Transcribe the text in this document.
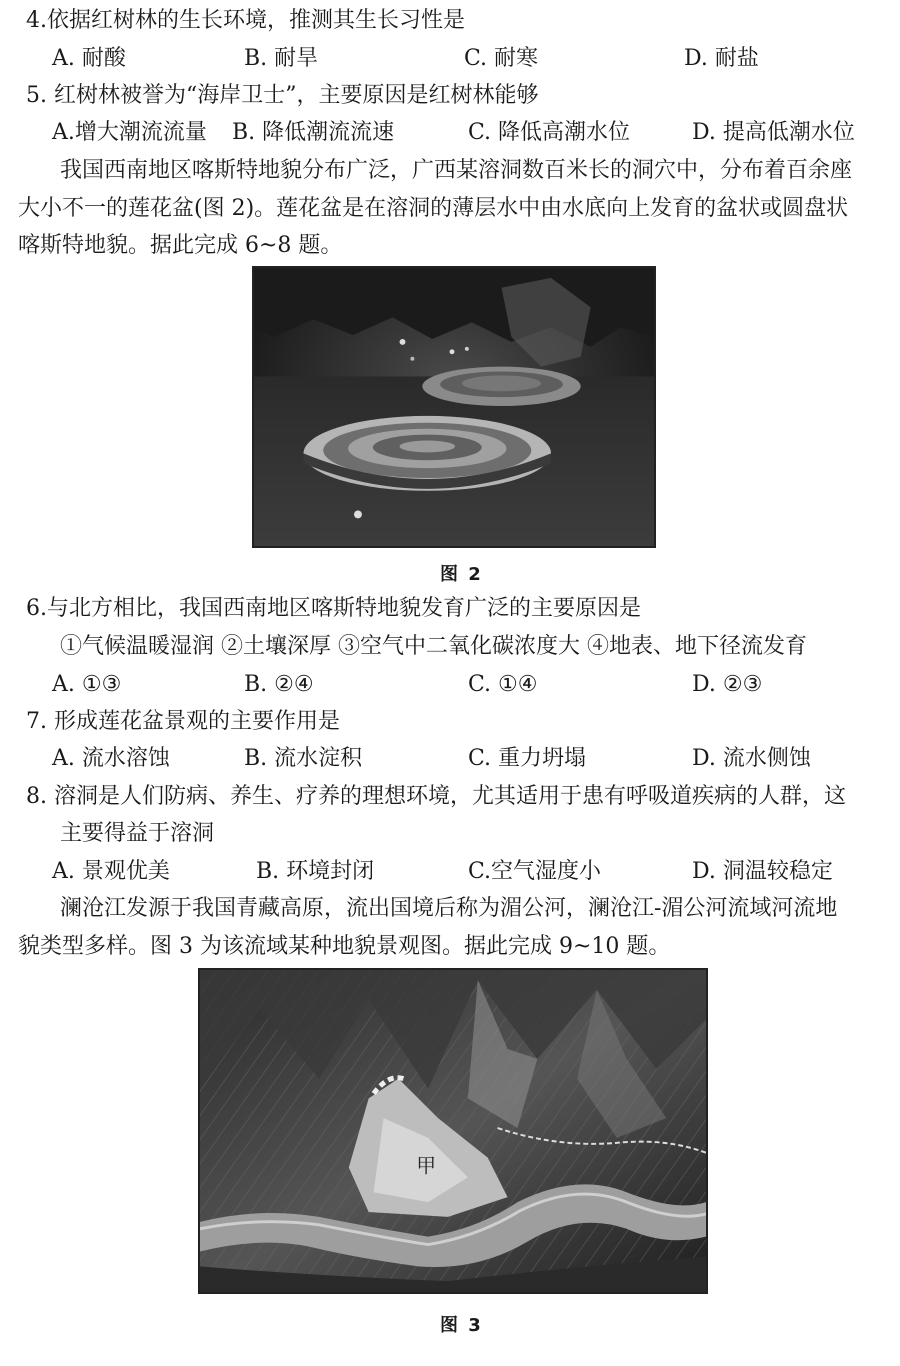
4.依据红树林的生长环境，推测其生长习性是
A. 耐酸	B. 耐旱	C. 耐寒	D. 耐盐
5. 红树林被誉为“海岸卫士”，主要原因是红树林能够
A.增大潮流流量 B. 降低潮流流速	C. 降低高潮水位	D. 提高低潮水位
我国西南地区喀斯特地貌分布广泛，广西某溶洞数百米长的洞穴中，分布着百余座
大小不一的莲花盆(图 2)。莲花盆是在溶洞的薄层水中由水底向上发育的盆状或圆盘状
喀斯特地貌。据此完成 6~8 题。
图 2
6.与北方相比，我国西南地区喀斯特地貌发育广泛的主要原因是
①气候温暖湿润 ②土壤深厚 ③空气中二氧化碳浓度大 ④地表、地下径流发育
A. ①③	B. ②④	C. ①④	D. ②③
7. 形成莲花盆景观的主要作用是
A. 流水溶蚀	B. 流水淀积	C. 重力坍塌	D. 流水侧蚀
8. 溶洞是人们防病、养生、疗养的理想环境，尤其适用于患有呼吸道疾病的人群，这
主要得益于溶洞
A. 景观优美	B. 环境封闭	C.空气湿度小	D. 洞温较稳定
澜沧江发源于我国青藏高原，流出国境后称为湄公河，澜沧江-湄公河流域河流地
貌类型多样。图 3 为该流域某种地貌景观图。据此完成 9~10 题。
甲
图 3
